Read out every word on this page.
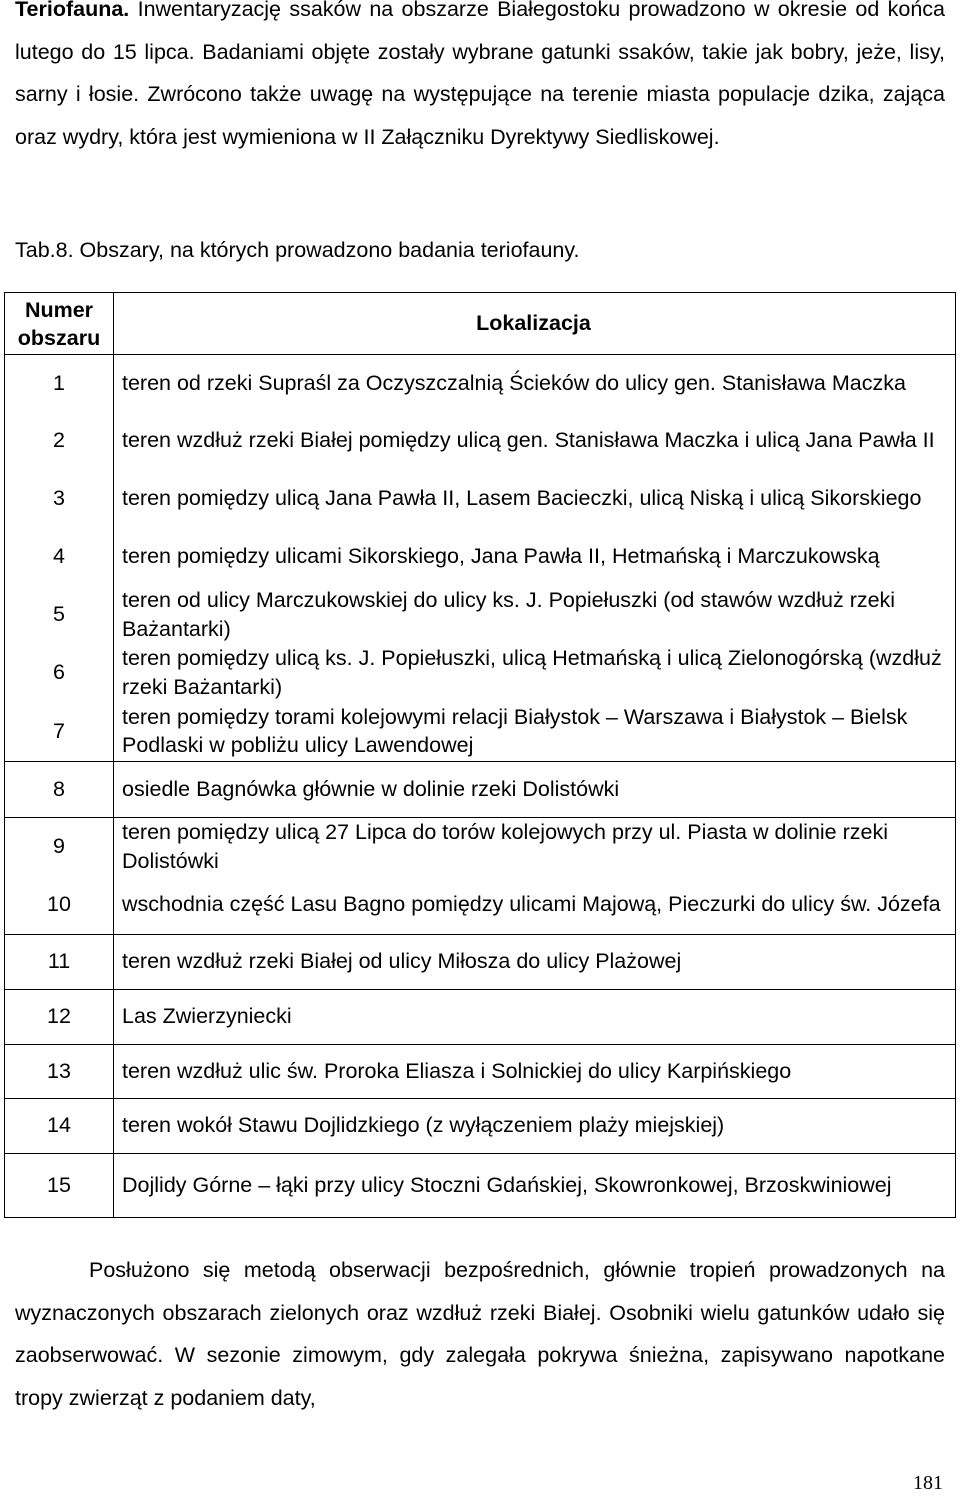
Teriofauna. Inwentaryzację ssaków na obszarze Białegostoku prowadzono w okresie od końca lutego do 15 lipca. Badaniami objęte zostały wybrane gatunki ssaków, takie jak bobry, jeże, lisy, sarny i łosie. Zwrócono także uwagę na występujące na terenie miasta populacje dzika, zająca oraz wydry, która jest wymieniona w II Załączniku Dyrektywy Siedliskowej.

Tab.8. Obszary, na których prowadzono badania teriofauny.

Numer obszaru	Lokalizacja
1	teren od rzeki Supraśl za Oczyszczalnią Ścieków do ulicy gen. Stanisława Maczka
2	teren wzdłuż rzeki Białej pomiędzy ulicą gen. Stanisława Maczka i ulicą Jana Pawła II
3	teren pomiędzy ulicą Jana Pawła II, Lasem Bacieczki, ulicą Niską i ulicą Sikorskiego
4	teren pomiędzy ulicami Sikorskiego, Jana Pawła II, Hetmańską i Marczukowską
5	teren od ulicy Marczukowskiej do ulicy ks. J. Popiełuszki (od stawów wzdłuż rzeki Bażantarki)
6	teren pomiędzy ulicą ks. J. Popiełuszki, ulicą Hetmańską i ulicą Zielonogórską (wzdłuż rzeki Bażantarki)
7	teren pomiędzy torami kolejowymi relacji Białystok – Warszawa i Białystok – Bielsk Podlaski w pobliżu ulicy Lawendowej
8	osiedle Bagnówka głównie w dolinie rzeki Dolistówki
9	teren pomiędzy ulicą 27 Lipca do torów kolejowych przy ul. Piasta w dolinie rzeki Dolistówki
10	wschodnia część Lasu Bagno pomiędzy ulicami Majową, Pieczurki do ulicy św. Józefa
11	teren wzdłuż rzeki Białej od ulicy Miłosza do ulicy Plażowej
12	Las Zwierzyniecki
13	teren wzdłuż ulic św. Proroka Eliasza i Solnickiej do ulicy Karpińskiego
14	teren wokół Stawu Dojlidzkiego (z wyłączeniem plaży miejskiej)
15	Dojlidy Górne – łąki przy ulicy Stoczni Gdańskiej, Skowronkowej, Brzoskwiniowej

Posłużono się metodą obserwacji bezpośrednich, głównie tropień prowadzonych na wyznaczonych obszarach zielonych oraz wzdłuż rzeki Białej. Osobniki wielu gatunków udało się zaobserwować. W sezonie zimowym, gdy zalegała pokrywa śnieżna, zapisywano napotkane tropy zwierząt z podaniem daty,

181
